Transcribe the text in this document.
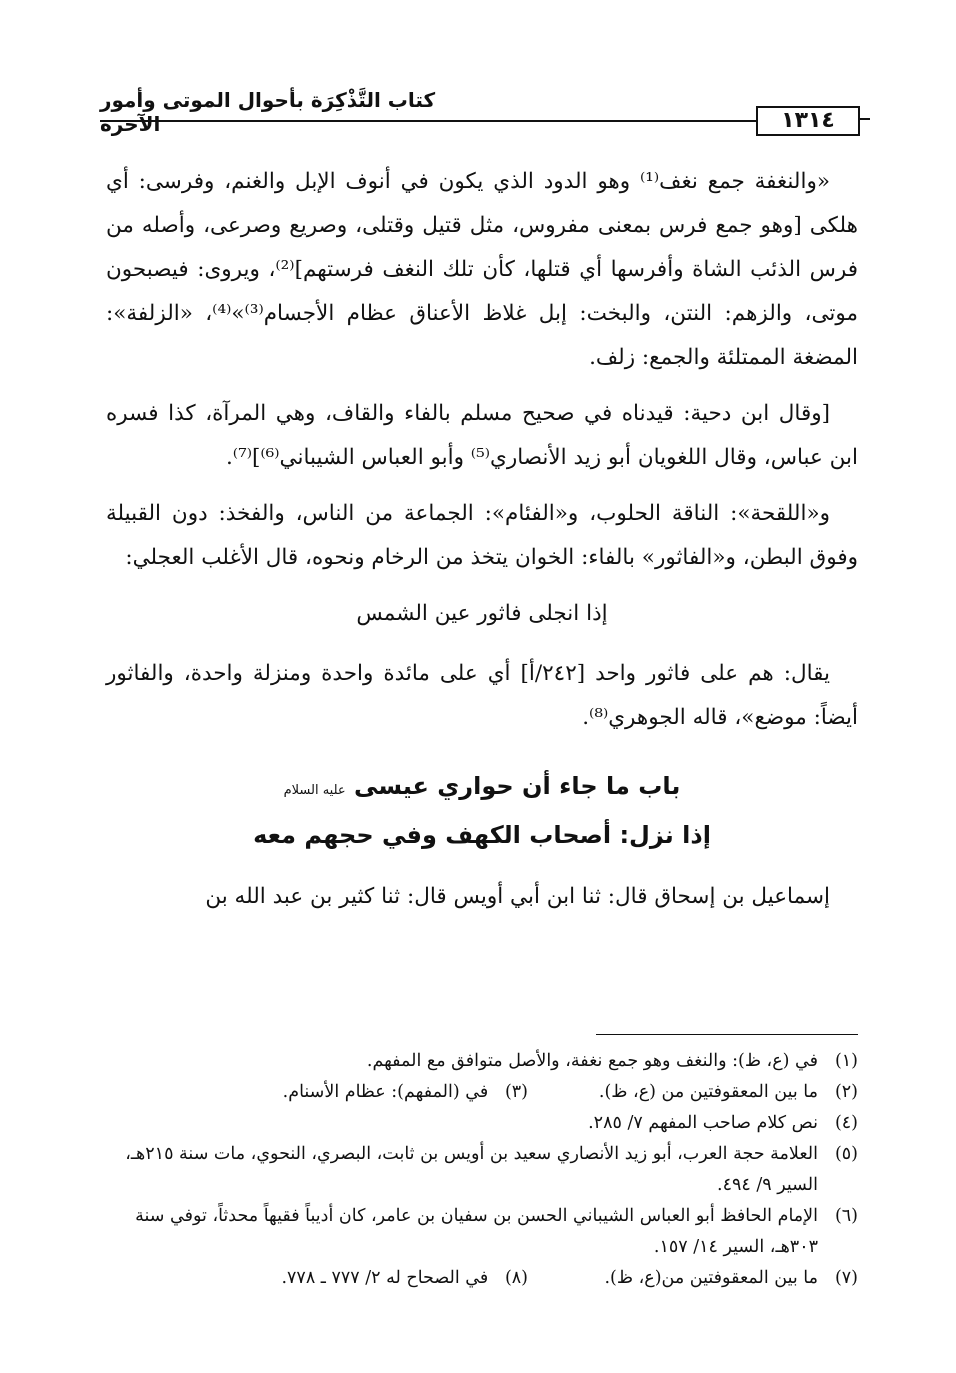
كتاب التَّذْكِرَة بأحوال الموتى وأمور الآخرة	١٣١٤

«والنغفة جمع نغف⁽¹⁾ وهو الدود الذي يكون في أنوف الإبل والغنم، وفرسى: أي هلكى [وهو جمع فرس بمعنى مفروس، مثل قتيل وقتلى، وصريع وصرعى، وأصله من فرس الذئب الشاة وأفرسها أي قتلها، كأن تلك النغف فرستهم]⁽²⁾، ويروى: فيصبحون موتى، والزهم: النتن، والبخت: إبل غلاظ الأعناق عظام الأجسام⁽³⁾»⁽⁴⁾، «الزلفة»: المضغة الممتلئة والجمع: زلف.

[وقال ابن دحية: قيدناه في صحيح مسلم بالفاء والقاف، وهي المرآة، كذا فسره ابن عباس، وقال اللغويان أبو زيد الأنصاري⁽⁵⁾ وأبو العباس الشيباني⁽⁶⁾]⁽⁷⁾.

و«اللقحة»: الناقة الحلوب، و«الفئام»: الجماعة من الناس، والفخذ: دون القبيلة وفوق البطن، و«الفاثور» بالفاء: الخوان يتخذ من الرخام ونحوه، قال الأغلب العجلي:

إذا انجلى فاثور عين الشمس

يقال: هم على فاثور واحد [٢٤٢/أ] أي على مائدة واحدة ومنزلة واحدة، والفاثور أيضاً: موضع»، قاله الجوهري⁽⁸⁾.

باب ما جاء أن حواري عيسى عليه السلام
إذا نزل: أصحاب الكهف وفي حجهم معه

إسماعيل بن إسحاق قال: ثنا ابن أبي أويس قال: ثنا كثير بن عبد الله بن

(١)
في (ع، ظ): والنغف وهو جمع نغفة، والأصل متوافق مع المفهم.
(٢)
ما بين المعقوفتين من (ع، ظ).
(٣)   في (المفهم): عظام الأسنام.
(٤)
نص كلام صاحب المفهم ٧/ ٢٨٥.
(٥)
العلامة حجة العرب، أبو زيد الأنصاري سعيد بن أويس بن ثابت، البصري، النحوي، مات سنة ٢١٥هـ، السير ٩/ ٤٩٤.
(٦)
الإمام الحافظ أبو العباس الشيباني الحسن بن سفيان بن عامر، كان أديباً فقيهاً محدثاً، توفي سنة ٣٠٣هـ، السير ١٤/ ١٥٧.
(٧)
ما بين المعقوفتين من(ع، ظ).
(٨)   في الصحاح له ٢/ ٧٧٧ ـ ٧٧٨.
